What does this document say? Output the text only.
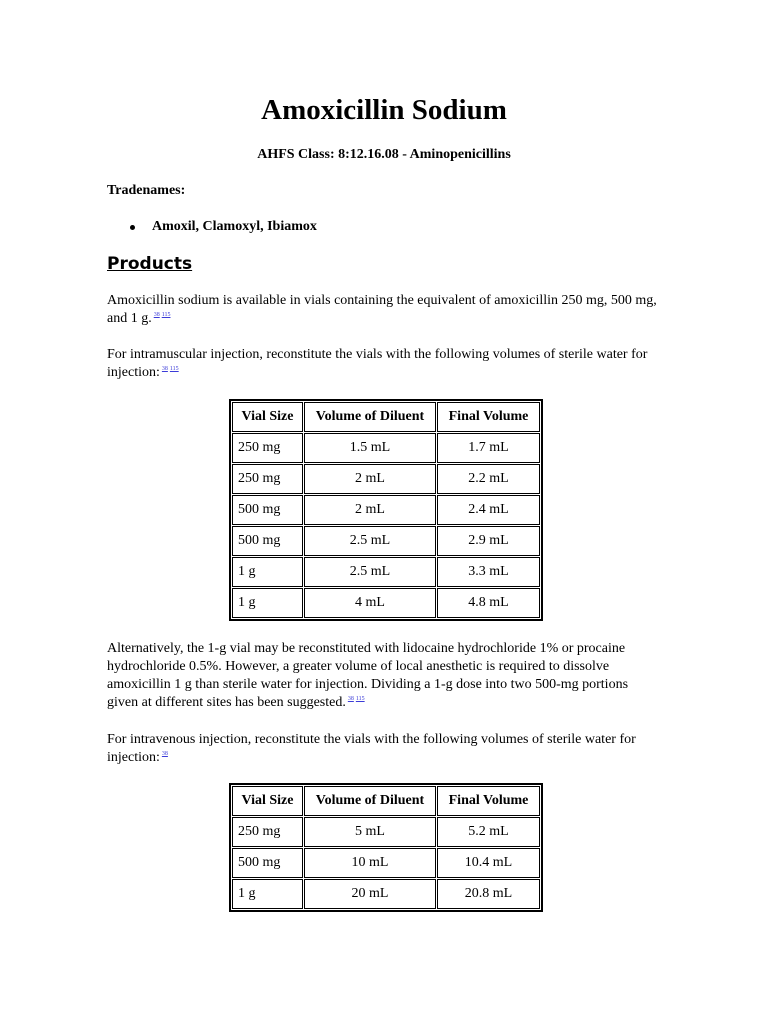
Amoxicillin Sodium
AHFS Class: 8:12.16.08 - Aminopenicillins
Tradenames:
Amoxil, Clamoxyl, Ibiamox
Products
Amoxicillin sodium is available in vials containing the equivalent of amoxicillin 250 mg, 500 mg, and 1 g. $^{38}$ $^{115}$
For intramuscular injection, reconstitute the vials with the following volumes of sterile water for injection: $^{38}$ $^{115}$
Vial Size	Volume of Diluent	Final Volume
250 mg	1.5 mL	1.7 mL
250 mg	2 mL	2.2 mL
500 mg	2 mL	2.4 mL
500 mg	2.5 mL	2.9 mL
1 g	2.5 mL	3.3 mL
1 g	4 mL	4.8 mL
Alternatively, the 1-g vial may be reconstituted with lidocaine hydrochloride 1% or procaine hydrochloride 0.5%. However, a greater volume of local anesthetic is required to dissolve amoxicillin 1 g than sterile water for injection. Dividing a 1-g dose into two 500-mg portions given at different sites has been suggested. $^{38}$ $^{115}$
For intravenous injection, reconstitute the vials with the following volumes of sterile water for injection: $^{38}$
Vial Size	Volume of Diluent	Final Volume
250 mg	5 mL	5.2 mL
500 mg	10 mL	10.4 mL
1 g	20 mL	20.8 mL
